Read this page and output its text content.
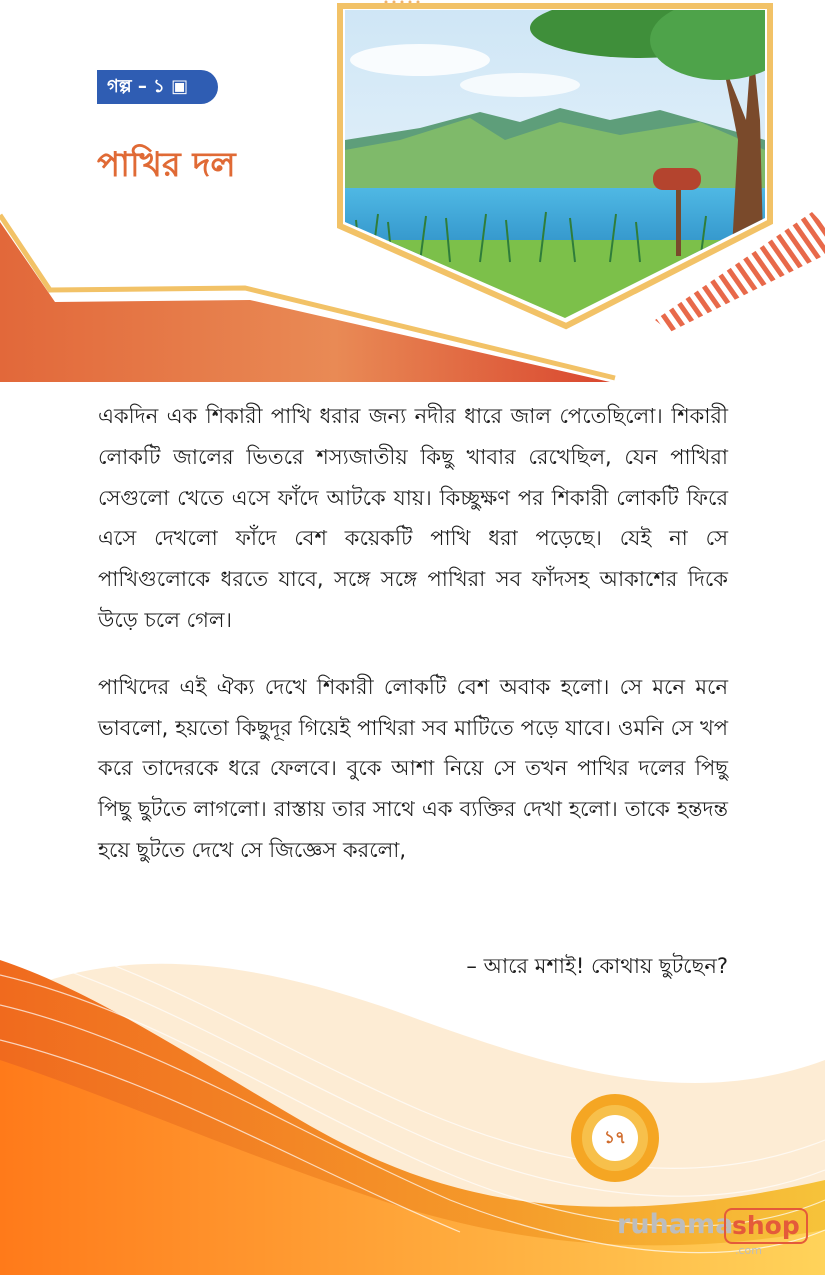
গল্প – ১ ▣
পাখির দল

একদিন এক শিকারী পাখি ধরার জন্য নদীর ধারে জাল পেতেছিলো। শিকারী লোকটি জালের ভিতরে শস্যজাতীয় কিছু খাবার রেখেছিল, যেন পাখিরা সেগুলো খেতে এসে ফাঁদে আটকে যায়। কিচ্ছুক্ষণ পর শিকারী লোকটি ফিরে এসে দেখলো ফাঁদে বেশ কয়েকটি পাখি ধরা পড়েছে। যেই না সে পাখিগুলোকে ধরতে যাবে, সঙ্গে সঙ্গে পাখিরা সব ফাঁদসহ আকাশের দিকে উড়ে চলে গেল।

পাখিদের এই ঐক্য দেখে শিকারী লোকটি বেশ অবাক হলো। সে মনে মনে ভাবলো, হয়তো কিছুদূর গিয়েই পাখিরা সব মাটিতে পড়ে যাবে। ওমনি সে খপ করে তাদেরকে ধরে ফেলবে। বুকে আশা নিয়ে সে তখন পাখির দলের পিছু পিছু ছুটতে লাগলো। রাস্তায় তার সাথে এক ব্যক্তির দেখা হলো। তাকে হন্তদন্ত হয়ে ছুটতে দেখে সে জিজ্ঞেস করলো,

– আরে মশাই! কোথায় ছুটছেন?
১৭
ruhama
shop
.com
